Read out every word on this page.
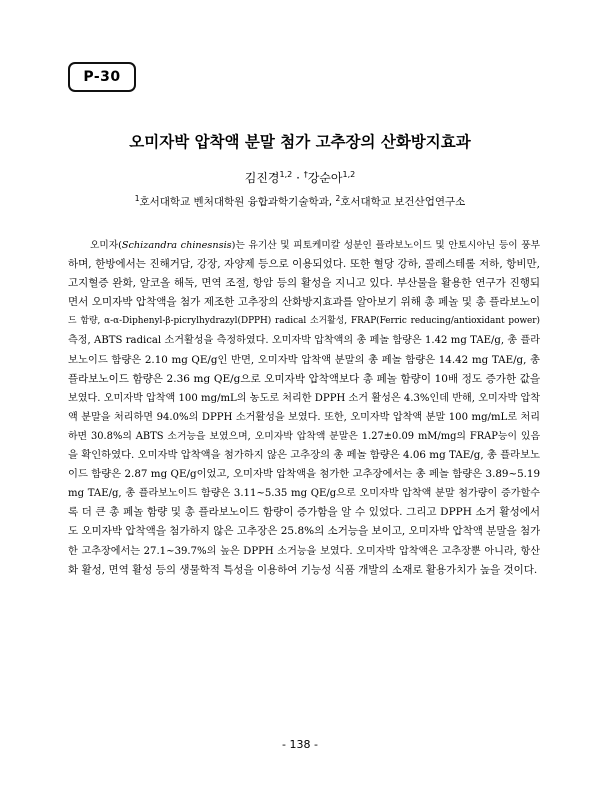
P-30
오미자박 압착액 분말 첨가 고추장의 산화방지효과
김진경$^{1,2}$ · †강순아$^{1,2}$
$^1$호서대학교 벤처대학원 융합과학기술학과, $^2$호서대학교 보건산업연구소
오미자(Schizandra chinesnsis)는 유기산 및 피토케미칼 성분인 플라보노이드 및 안토시아닌 등이 풍부
하며, 한방에서는 진해거담, 강장, 자양제 등으로 이용되었다. 또한 혈당 강하, 콜레스테롤 저하, 항비만,
고지혈증 완화, 알코올 해독, 면역 조절, 항암 등의 활성을 지니고 있다. 부산물을 활용한 연구가 진행되
면서 오미자박 압착액을 첨가 제조한 고추장의 산화방지효과를 알아보기 위해 총 페놀 및 총 플라보노이
드 함량, α-α-Diphenyl-β-picrylhydrazyl(DPPH) radical 소거활성, FRAP(Ferric reducing/antioxidant power)
측정, ABTS radical 소거활성을 측정하였다. 오미자박 압착액의 총 페놀 함량은 1.42 mg TAE/g, 총 플라
보노이드 함량은 2.10 mg QE/g인 반면, 오미자박 압착액 분말의 총 페놀 함량은 14.42 mg TAE/g, 총
플라보노이드 함량은 2.36 mg QE/g으로 오미자박 압착액보다 총 페놀 함량이 10배 정도 증가한 값을
보였다. 오미자박 압착액 100 mg/mL의 농도로 처리한 DPPH 소거 활성은 4.3%인데 반해, 오미자박 압착
액 분말을 처리하면 94.0%의 DPPH 소거활성을 보였다. 또한, 오미자박 압착액 분말 100 mg/mL로 처리
하면 30.8%의 ABTS 소거능을 보였으며, 오미자박 압착액 분말은 1.27±0.09 mM/mg의 FRAP능이 있음
을 확인하였다. 오미자박 압착액을 첨가하지 않은 고추장의 총 페놀 함량은 4.06 mg TAE/g, 총 플라보노
이드 함량은 2.87 mg QE/g이었고, 오미자박 압착액을 첨가한 고추장에서는 총 페놀 함량은 3.89~5.19
mg TAE/g, 총 플라보노이드 함량은 3.11~5.35 mg QE/g으로 오미자박 압착액 분말 첨가량이 증가할수
록 더 큰 총 페놀 함량 및 총 플라보노이드 함량이 증가함을 알 수 있었다. 그리고 DPPH 소거 활성에서
도 오미자박 압착액을 첨가하지 않은 고추장은 25.8%의 소거능을 보이고, 오미자박 압착액 분말을 첨가
한 고추장에서는 27.1~39.7%의 높은 DPPH 소거능을 보였다. 오미자박 압착액은 고추장뿐 아니라, 항산
화 활성, 면역 활성 등의 생물학적 특성을 이용하여 기능성 식품 개발의 소재로 활용가치가 높을 것이다.
- 138 -
